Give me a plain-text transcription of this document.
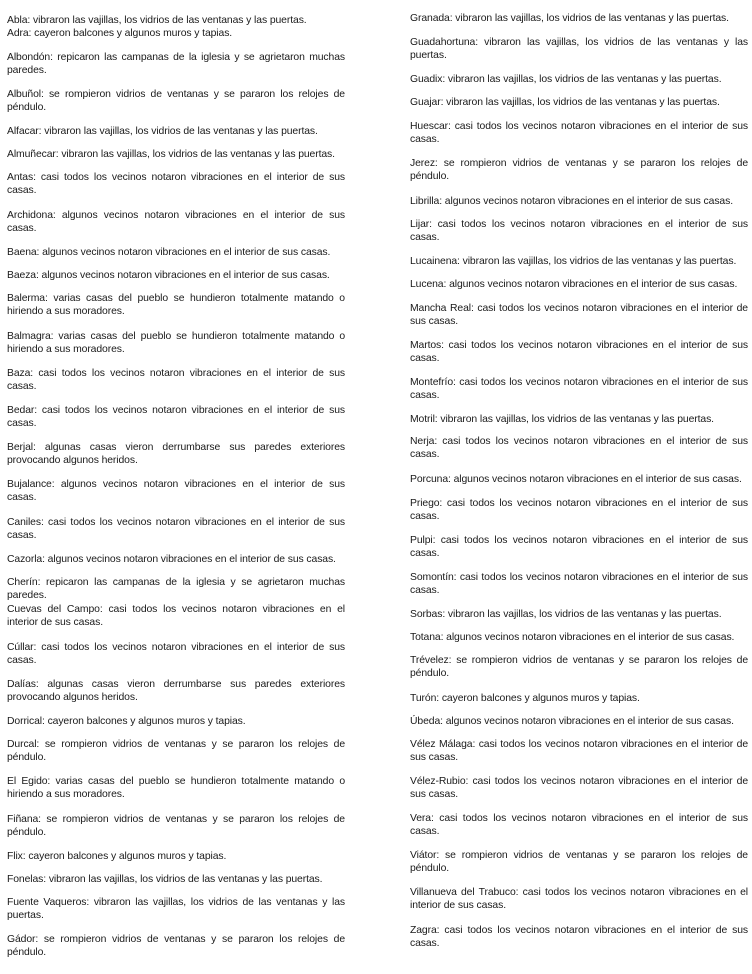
Abla: vibraron las vajillas, los vidrios de las ventanas y las puertas.

Adra: cayeron balcones y algunos muros y tapias.

Albondón: repicaron las campanas de la iglesia y se agrietaron muchas paredes.

Albuñol: se rompieron vidrios de ventanas y se pararon los relojes de péndulo.

Alfacar: vibraron las vajillas, los vidrios de las ventanas y las puertas.

Almuñecar: vibraron las vajillas, los vidrios de las ventanas y las puertas.

Antas: casi todos los vecinos notaron vibraciones en el interior de sus casas.

Archidona: algunos vecinos notaron vibraciones en el interior de sus casas.

Baena: algunos vecinos notaron vibraciones en el interior de sus casas.

Baeza: algunos vecinos notaron vibraciones en el interior de sus casas.

Balerma: varias casas del pueblo se hundieron totalmente matando o hiriendo a sus moradores.

Balmagra: varias casas del pueblo se hundieron totalmente matando o hiriendo a sus moradores.

Baza: casi todos los vecinos notaron vibraciones en el interior de sus casas.

Bedar: casi todos los vecinos notaron vibraciones en el interior de sus casas.

Berjal: algunas casas vieron derrumbarse sus paredes exteriores provocando algunos heridos.

Bujalance: algunos vecinos notaron vibraciones en el interior de sus casas.

Caniles: casi todos los vecinos notaron vibraciones en el interior de sus casas.

Cazorla: algunos vecinos notaron vibraciones en el interior de sus casas.

Cherín: repicaron las campanas de la iglesia y se agrietaron muchas paredes.

Cuevas del Campo: casi todos los vecinos notaron vibraciones en el interior de sus casas.

Cúllar: casi todos los vecinos notaron vibraciones en el interior de sus casas.

Dalías: algunas casas vieron derrumbarse sus paredes exteriores provocando algunos heridos.

Dorrical: cayeron balcones y algunos muros y tapias.

Durcal: se rompieron vidrios de ventanas y se pararon los relojes de péndulo.

El Egido: varias casas del pueblo se hundieron totalmente matando o hiriendo a sus moradores.

Fiñana: se rompieron vidrios de ventanas y se pararon los relojes de péndulo.

Flix: cayeron balcones y algunos muros y tapias.

Fonelas: vibraron las vajillas, los vidrios de las ventanas y las puertas.

Fuente Vaqueros: vibraron las vajillas, los vidrios de las ventanas y las puertas.

Gádor: se rompieron vidrios de ventanas y se pararon los relojes de péndulo.

Granada: vibraron las vajillas, los vidrios de las ventanas y las puertas.

Guadahortuna: vibraron las vajillas, los vidrios de las ventanas y las puertas.

Guadix: vibraron las vajillas, los vidrios de las ventanas y las puertas.

Guajar: vibraron las vajillas, los vidrios de las ventanas y las puertas.

Huescar: casi todos los vecinos notaron vibraciones en el interior de sus casas.

Jerez: se rompieron vidrios de ventanas y se pararon los relojes de péndulo.

Librilla: algunos vecinos notaron vibraciones en el interior de sus casas.

Lijar: casi todos los vecinos notaron vibraciones en el interior de sus casas.

Lucainena: vibraron las vajillas, los vidrios de las ventanas y las puertas.

Lucena: algunos vecinos notaron vibraciones en el interior de sus casas.

Mancha Real: casi todos los vecinos notaron vibraciones en el interior de sus casas.

Martos: casi todos los vecinos notaron vibraciones en el interior de sus casas.

Montefrío: casi todos los vecinos notaron vibraciones en el interior de sus casas.

Motril: vibraron las vajillas, los vidrios de las ventanas y las puertas.

Nerja: casi todos los vecinos notaron vibraciones en el interior de sus casas.

Porcuna: algunos vecinos notaron vibraciones en el interior de sus casas.

Priego: casi todos los vecinos notaron vibraciones en el interior de sus casas.

Pulpi: casi todos los vecinos notaron vibraciones en el interior de sus casas.

Somontín: casi todos los vecinos notaron vibraciones en el interior de sus casas.

Sorbas: vibraron las vajillas, los vidrios de las ventanas y las puertas.

Totana: algunos vecinos notaron vibraciones en el interior de sus casas.

Trévelez: se rompieron vidrios de ventanas y se pararon los relojes de péndulo.

Turón: cayeron balcones y algunos muros y tapias.

Úbeda: algunos vecinos notaron vibraciones en el interior de sus casas.

Vélez Málaga: casi todos los vecinos notaron vibraciones en el interior de sus casas.

Vélez-Rubio: casi todos los vecinos notaron vibraciones en el interior de sus casas.

Vera: casi todos los vecinos notaron vibraciones en el interior de sus casas.

Viátor: se rompieron vidrios de ventanas y se pararon los relojes de péndulo.

Villanueva del Trabuco: casi todos los vecinos notaron vibraciones en el interior de sus casas.

Zagra: casi todos los vecinos notaron vibraciones en el interior de sus casas.
